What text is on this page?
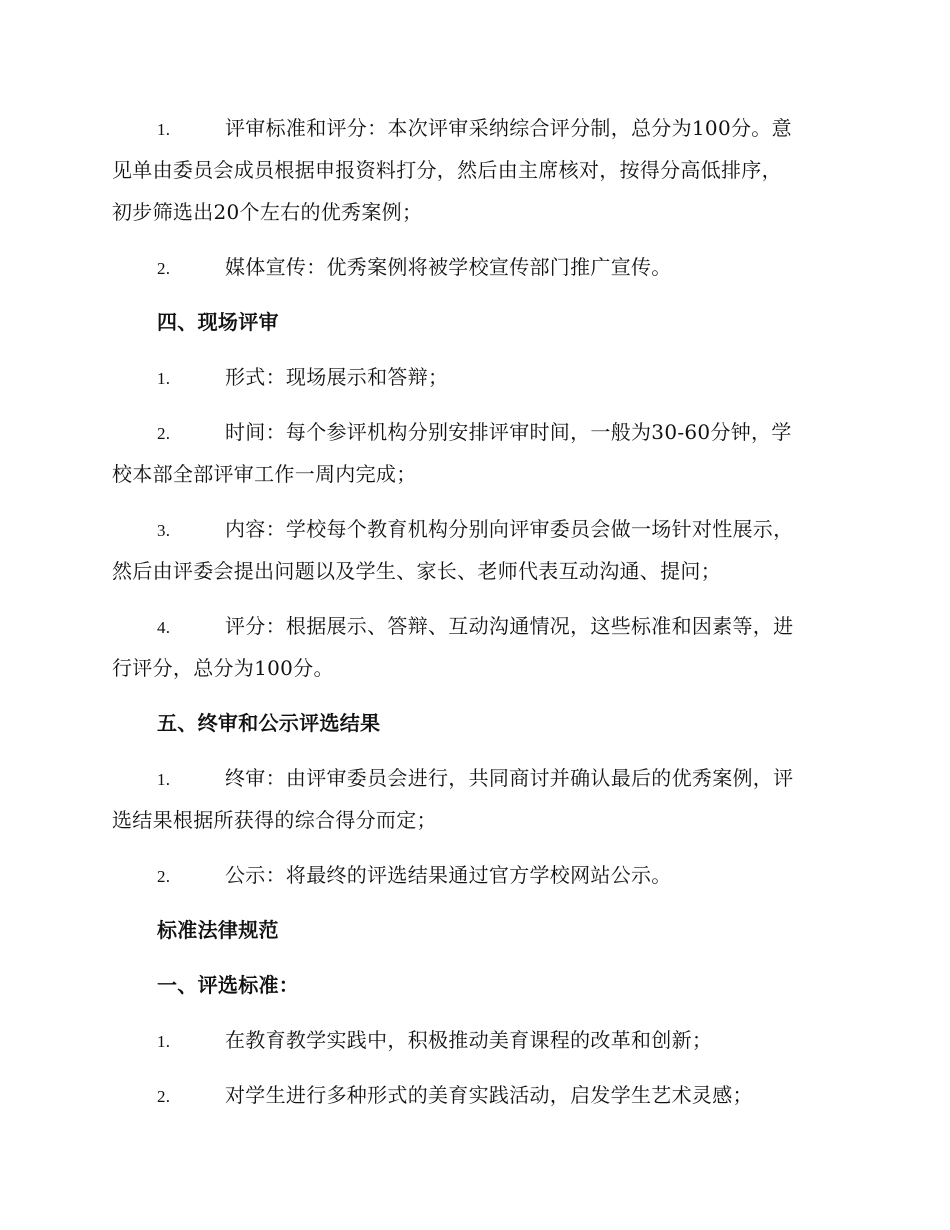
1.	评审标准和评分：本次评审采纳综合评分制，总分为100分。意
见单由委员会成员根据申报资料打分，然后由主席核对，按得分高低排序，
初步筛选出20个左右的优秀案例；
2.	媒体宣传：优秀案例将被学校宣传部门推广宣传。
四、现场评审
1.	形式：现场展示和答辩；
2.	时间：每个参评机构分别安排评审时间，一般为30-60分钟，学
校本部全部评审工作一周内完成；
3.	内容：学校每个教育机构分别向评审委员会做一场针对性展示，
然后由评委会提出问题以及学生、家长、老师代表互动沟通、提问；
4.	评分：根据展示、答辩、互动沟通情况，这些标准和因素等，进
行评分，总分为100分。
五、终审和公示评选结果
1.	终审：由评审委员会进行，共同商讨并确认最后的优秀案例，评
选结果根据所获得的综合得分而定；
2.	公示：将最终的评选结果通过官方学校网站公示。
标准法律规范
一、评选标准：
1.	在教育教学实践中，积极推动美育课程的改革和创新；
2.	对学生进行多种形式的美育实践活动，启发学生艺术灵感；
